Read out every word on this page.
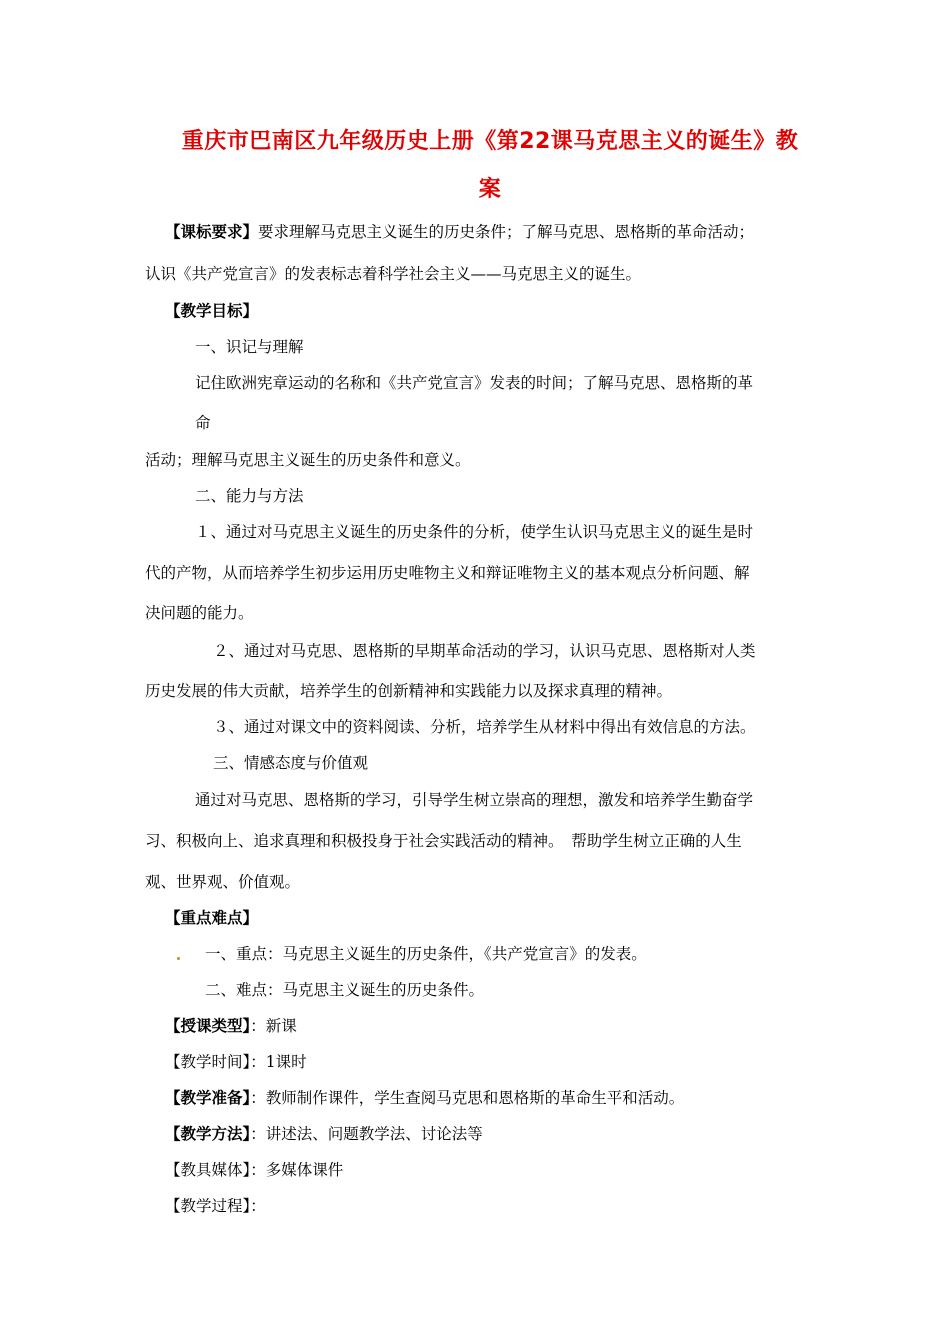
重庆市巴南区九年级历史上册《第22课马克思主义的诞生》教
案
【课标要求】要求理解马克思主义诞生的历史条件；了解马克思、恩格斯的革命活动；
认识《共产党宣言》的发表标志着科学社会主义——马克思主义的诞生。
【教学目标】
一、识记与理解
记住欧洲宪章运动的名称和《共产党宣言》发表的时间；了解马克思、恩格斯的革
命
活动；理解马克思主义诞生的历史条件和意义。
二、能力与方法
１、通过对马克思主义诞生的历史条件的分析，使学生认识马克思主义的诞生是时
代的产物，从而培养学生初步运用历史唯物主义和辩证唯物主义的基本观点分析问题、解
决问题的能力。
２、通过对马克思、恩格斯的早期革命活动的学习，认识马克思、恩格斯对人类
历史发展的伟大贡献，培养学生的创新精神和实践能力以及探求真理的精神。
３、通过对课文中的资料阅读、分析，培养学生从材料中得出有效信息的方法。
三、情感态度与价值观
通过对马克思、恩格斯的学习，引导学生树立崇高的理想，激发和培养学生勤奋学
习、积极向上、追求真理和积极投身于社会实践活动的精神。　帮助学生树立正确的人生
观、世界观、价值观。
【重点难点】
一、重点：马克思主义诞生的历史条件，《共产党宣言》的发表。
二、难点：马克思主义诞生的历史条件。
【授课类型】：新课
【教学时间】：1课时
【教学准备】：教师制作课件，学生查阅马克思和恩格斯的革命生平和活动。
【教学方法】：讲述法、问题教学法、讨论法等
【教具媒体】：多媒体课件
【教学过程】：
